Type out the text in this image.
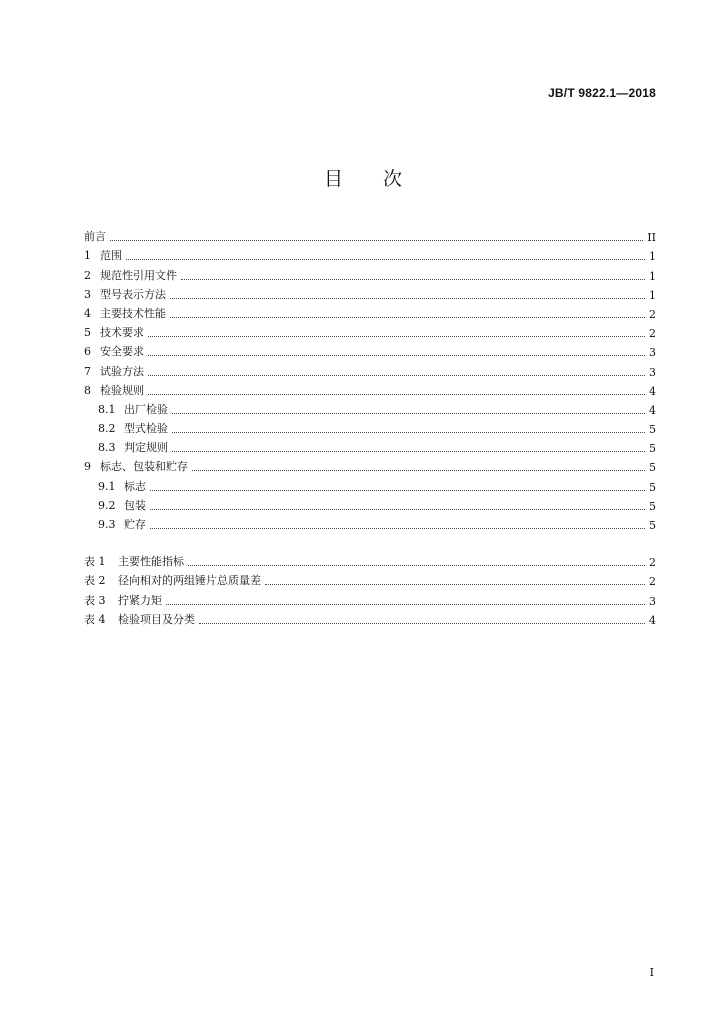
JB/T 9822.1—2018
目 次
前言	II
1 范围	1
2 规范性引用文件	1
3 型号表示方法	1
4 主要技术性能	2
5 技术要求	2
6 安全要求	3
7 试验方法	3
8 检验规则	4
8.1 出厂检验	4
8.2 型式检验	5
8.3 判定规则	5
9 标志、包装和贮存	5
9.1 标志	5
9.2 包装	5
9.3 贮存	5
表 1 主要性能指标	2
表 2 径向相对的两组锤片总质量差	2
表 3 拧紧力矩	3
表 4 检验项目及分类	4
I
